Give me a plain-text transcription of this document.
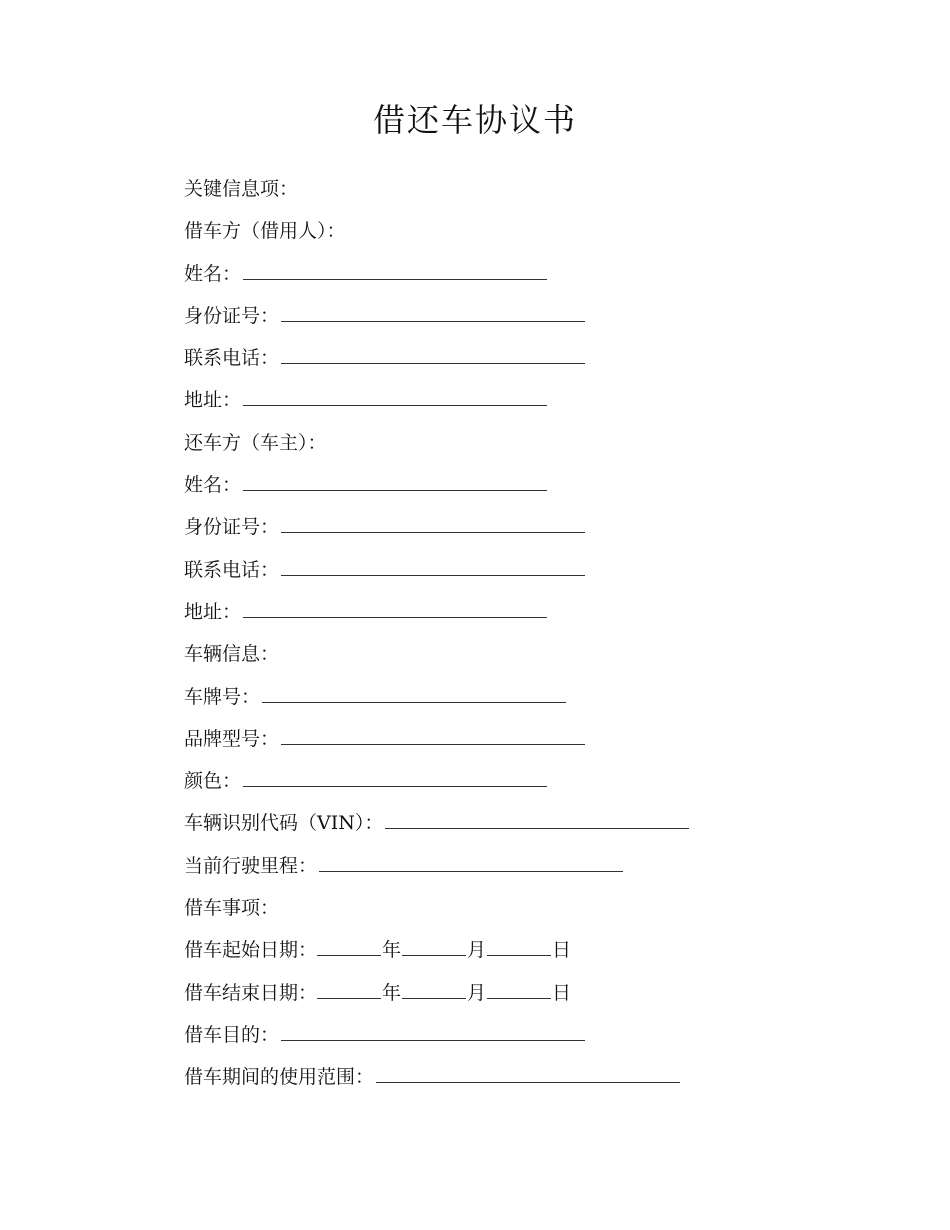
借还车协议书
关键信息项：
借车方（借用人）：
姓名：
身份证号：
联系电话：
地址：
还车方（车主）：
姓名：
身份证号：
联系电话：
地址：
车辆信息：
车牌号：
品牌型号：
颜色：
车辆识别代码（VIN）：
当前行驶里程：
借车事项：
借车起始日期：	年	月	日
借车结束日期：	年	月	日
借车目的：
借车期间的使用范围：
